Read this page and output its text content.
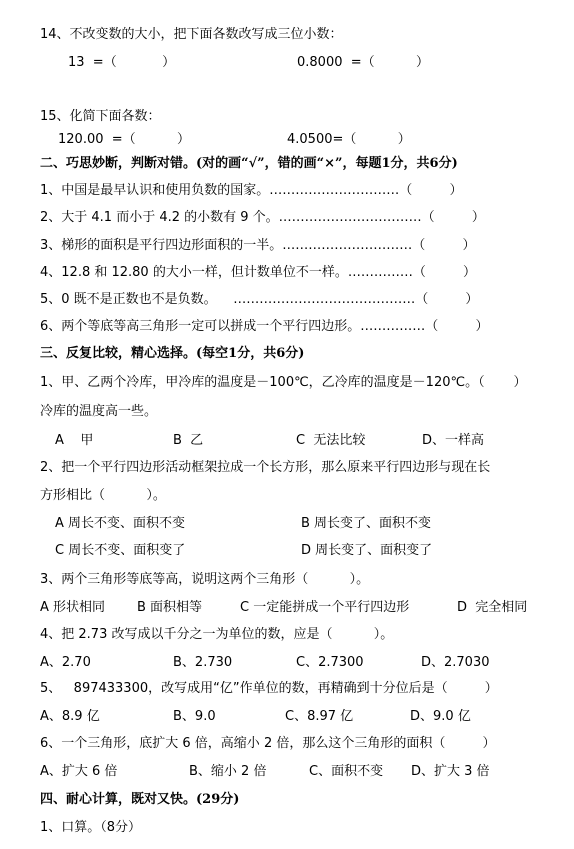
14、不改变数的大小，把下面各数改写成三位小数：
13  =（           ）	0.8000  =（          ）
15、化简下面各数：
120.00  =（          ）	4.0500=（          ）
二、巧思妙断，判断对错。(对的画“√”，错的画“×”，每题1分，共6分)
1、中国是最早认识和使用负数的国家。…………………………（         ）
2、大于 4.1 而小于 4.2 的小数有 9 个。……………………………（         ）
3、梯形的面积是平行四边形面积的一半。…………………………（         ）
4、12.8 和 12.80 的大小一样，但计数单位不一样。……………（         ）
5、0 既不是正数也不是负数。    ……………………………………（         ）
6、两个等底等高三角形一定可以拼成一个平行四边形。……………（         ）
三、反复比较，精心选择。(每空1分，共6分)
1、甲、乙两个冷库，甲冷库的温度是－100℃，乙冷库的温度是－120℃。（       ）
冷库的温度高一些。
A    甲	B  乙	C  无法比较	D、一样高
2、把一个平行四边形活动框架拉成一个长方形，那么原来平行四边形与现在长
方形相比（          ）。
A 周长不变、面积不变	B 周长变了、面积不变
C 周长不变、面积变了	D 周长变了、面积变了
3、两个三角形等底等高，说明这两个三角形（          ）。
A 形状相同 B 面积相等	C 一定能拼成一个平行四边形	D  完全相同
4、把 2.73 改写成以千分之一为单位的数，应是（          ）。
A、2.70	B、2.730	C、2.7300	D、2.7030
5、   897433300，改写成用“亿”作单位的数，再精确到十分位后是（         ）
A、8.9 亿	B、9.0	C、8.97 亿	D、9.0 亿
6、一个三角形，底扩大 6 倍，高缩小 2 倍，那么这个三角形的面积（         ）
A、扩大 6 倍	B、缩小 2 倍	C、面积不变 D、扩大 3 倍
四、耐心计算，既对又快。(29分)
1、口算。（8分）
